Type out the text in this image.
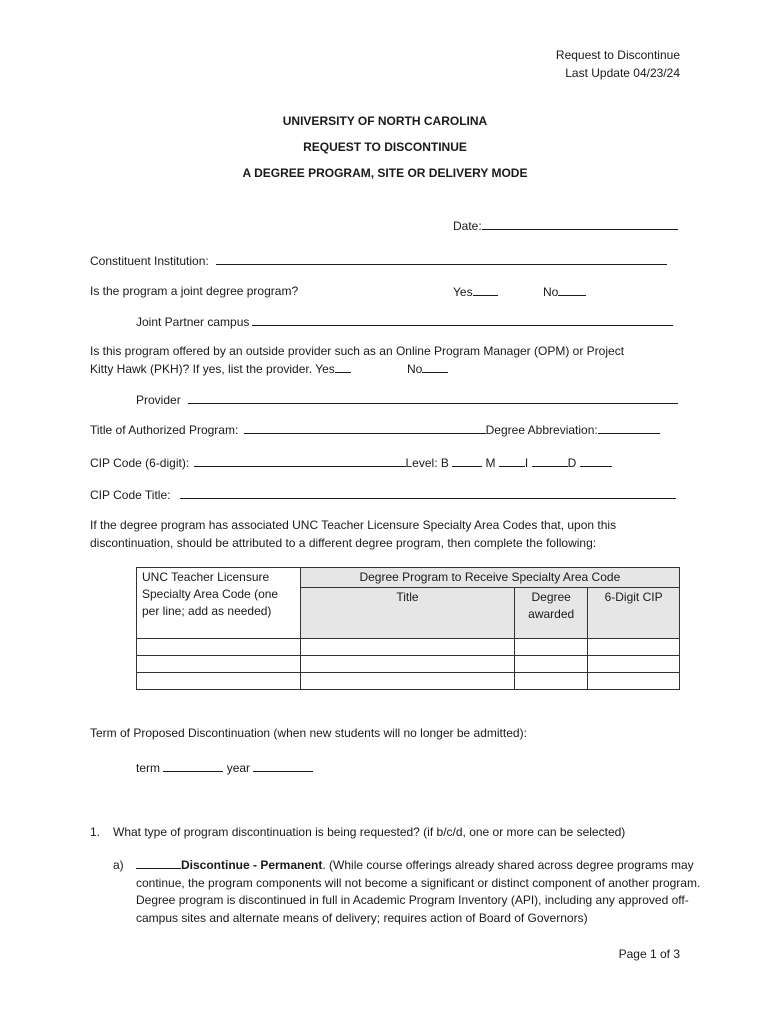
Request to Discontinue
Last Update 04/23/24
UNIVERSITY OF NORTH CAROLINA
REQUEST TO DISCONTINUE
A DEGREE PROGRAM, SITE OR DELIVERY MODE
Date:
Constituent Institution:
Is the program a joint degree program?	Yes	No
Joint Partner campus
Is this program offered by an outside provider such as an Online Program Manager (OPM) or Project
Kitty Hawk (PKH)? If yes, list the provider. Yes	No
Provider
Title of Authorized Program:	Degree Abbreviation:
CIP Code (6-digit):	Level: B	M I	D
CIP Code Title:
If the degree program has associated UNC Teacher Licensure Specialty Area Codes that, upon this discontinuation, should be attributed to a different degree program, then complete the following:
UNC Teacher Licensure Specialty Area Code (one per line; add as needed)	Degree Program to Receive Specialty Area Code		
	Title	Degree awarded	6-Digit CIP

Term of Proposed Discontinuation (when new students will no longer be admitted):
term	year
1. What type of program discontinuation is being requested? (if b/c/d, one or more can be selected)
a)	Discontinue - Permanent. (While course offerings already shared across degree programs may continue, the program components will not become a significant or distinct component of another program. Degree program is discontinued in full in Academic Program Inventory (API), including any approved off-campus sites and alternate means of delivery; requires action of Board of Governors)
Page 1 of 3
